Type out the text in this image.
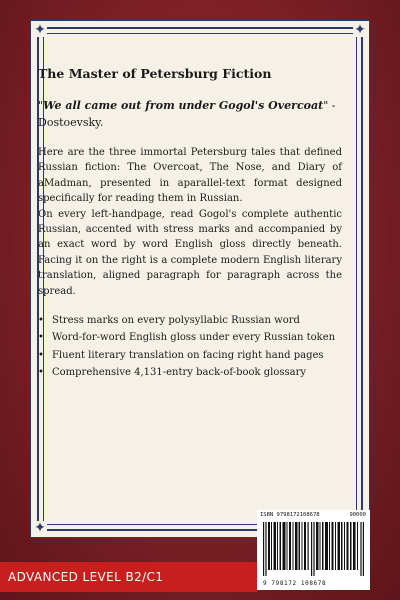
✦	✦
✦
The Master of Petersburg Fiction

"We all came out from under Gogol's Overcoat" - Dostoevsky.

Here are the three immortal Petersburg tales that defined Russian fiction: The Overcoat, The Nose, and Diary of aMadman, presented in aparallel-text format designed specifically for reading them in Russian.

On every left-handpage, read Gogol's complete authentic Russian, accented with stress marks and accompanied by an exact word by word English gloss directly beneath. Facing it on the right is a complete modern English literary translation, aligned paragraph for paragraph across the spread.

• Stress marks on every polysyllabic Russian word
• Word-for-word English gloss under every Russian token
• Fluent literary translation on facing right hand pages
• Comprehensive 4,131-entry back-of-book glossary
ADVANCED LEVEL B2/C1
ISBN 9798172108678	90000
9 798172 108678
